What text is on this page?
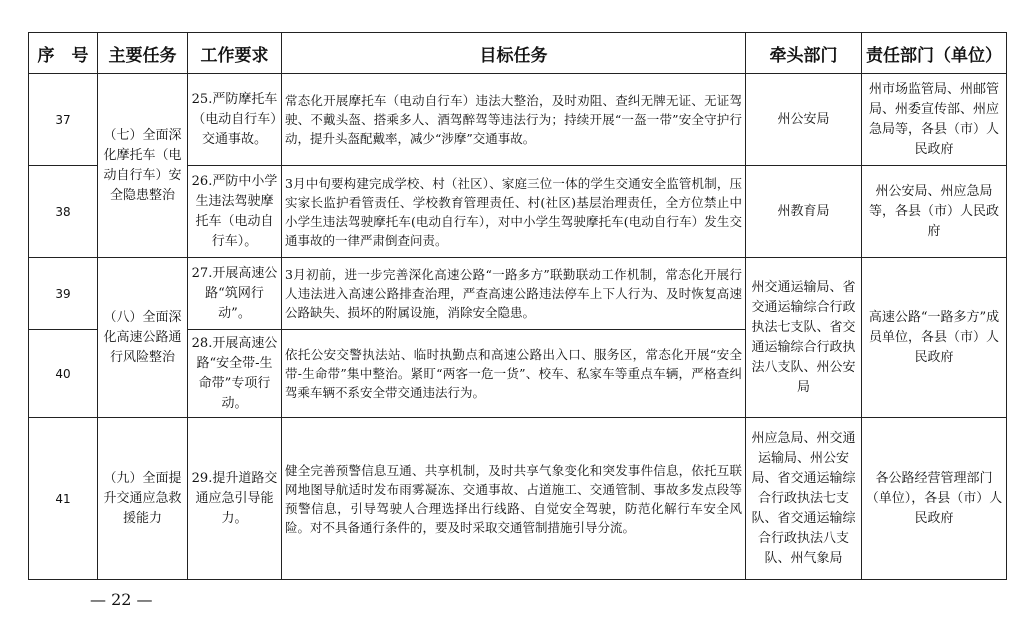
序　号	主要任务	工作要求	目标任务	牵头部门	责任部门（单位）
37	（七）全面深化摩托车（电动自行车）安全隐患整治	25.严防摩托车（电动自行车）交通事故。	常态化开展摩托车（电动自行车）违法大整治，及时劝阻、查纠无牌无证、无证驾驶、不戴头盔、搭乘多人、酒驾醉驾等违法行为；持续开展“一盔一带”安全守护行动，提升头盔配戴率，减少“涉摩”交通事故。	州公安局	州市场监管局、州邮管局、州委宣传部、州应急局等，各县（市）人民政府
38		26.严防中小学生违法驾驶摩托车（电动自行车）。	3月中旬要构建完成学校、村（社区）、家庭三位一体的学生交通安全监管机制，压实家长监护看管责任、学校教育管理责任、村(社区)基层治理责任，全方位禁止中小学生违法驾驶摩托车(电动自行车），对中小学生驾驶摩托车(电动自行车）发生交通事故的一律严肃倒查问责。	州教育局	州公安局、州应急局等，各县（市）人民政府
39	（八）全面深化高速公路通行风险整治	27.开展高速公路“筑网行动”。	3月初前，进一步完善深化高速公路“一路多方”联勤联动工作机制，常态化开展行人违法进入高速公路排查治理，严查高速公路违法停车上下人行为、及时恢复高速公路缺失、损坏的附属设施，消除安全隐患。	州交通运输局、省交通运输综合行政执法七支队、省交通运输综合行政执法八支队、州公安局	高速公路“一路多方”成员单位，各县（市）人民政府
40		28.开展高速公路“安全带-生命带”专项行动。	依托公安交警执法站、临时执勤点和高速公路出入口、服务区，常态化开展“安全带-生命带”集中整治。紧盯“两客一危一货”、校车、私家车等重点车辆，严格查纠驾乘车辆不系安全带交通违法行为。		
41	（九）全面提升交通应急救援能力	29.提升道路交通应急引导能力。	健全完善预警信息互通、共享机制，及时共享气象变化和突发事件信息，依托互联网地图导航适时发布雨雾凝冻、交通事故、占道施工、交通管制、事故多发点段等预警信息，引导驾驶人合理选择出行线路、自觉安全驾驶，防范化解行车安全风险。对不具备通行条件的，要及时采取交通管制措施引导分流。	州应急局、州交通运输局、州公安局、省交通运输综合行政执法七支队、省交通运输综合行政执法八支队、州气象局	各公路经营管理部门（单位），各县（市）人民政府
— 22 —
